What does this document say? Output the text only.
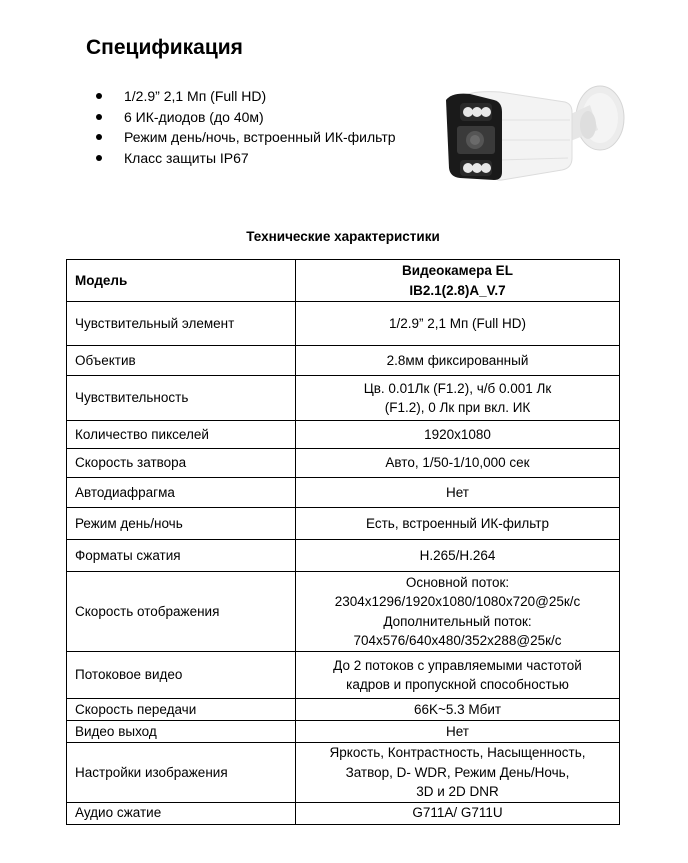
Спецификация
1/2.9” 2,1 Мп (Full HD)
6 ИК-диодов (до 40м)
Режим день/ночь, встроенный ИК-фильтр
Класс защиты IP67
Технические характеристики
Модель	Видеокамера EL
IB2.1(2.8)A_V.7

Чувствительный элемент	1/2.9” 2,1 Мп (Full HD)

Объектив	2.8мм фиксированный

Чувствительность	Цв. 0.01Лк (F1.2), ч/б 0.001 Лк
(F1.2), 0 Лк при вкл. ИК

Количество пикселей	1920x1080

Скорость затвора	Авто, 1/50-1/10,000 сек

Автодиафрагма	Нет

Режим день/ночь	Есть, встроенный ИК-фильтр

Форматы сжатия	H.265/H.264

Скорость отображения	Основной поток:
2304x1296/1920x1080/1080x720@25к/с
Дополнительный поток:
704x576/640x480/352x288@25к/с

Потоковое видео	До 2 потоков с управляемыми частотой
кадров и пропускной способностью

Скорость передачи	66K~5.3 Мбит

Видео выход	Нет

Настройки изображения	Яркость, Контрастность, Насыщенность,
Затвор, D- WDR, Режим День/Ночь,
3D и 2D DNR

Аудио сжатие	G711A/ G711U
